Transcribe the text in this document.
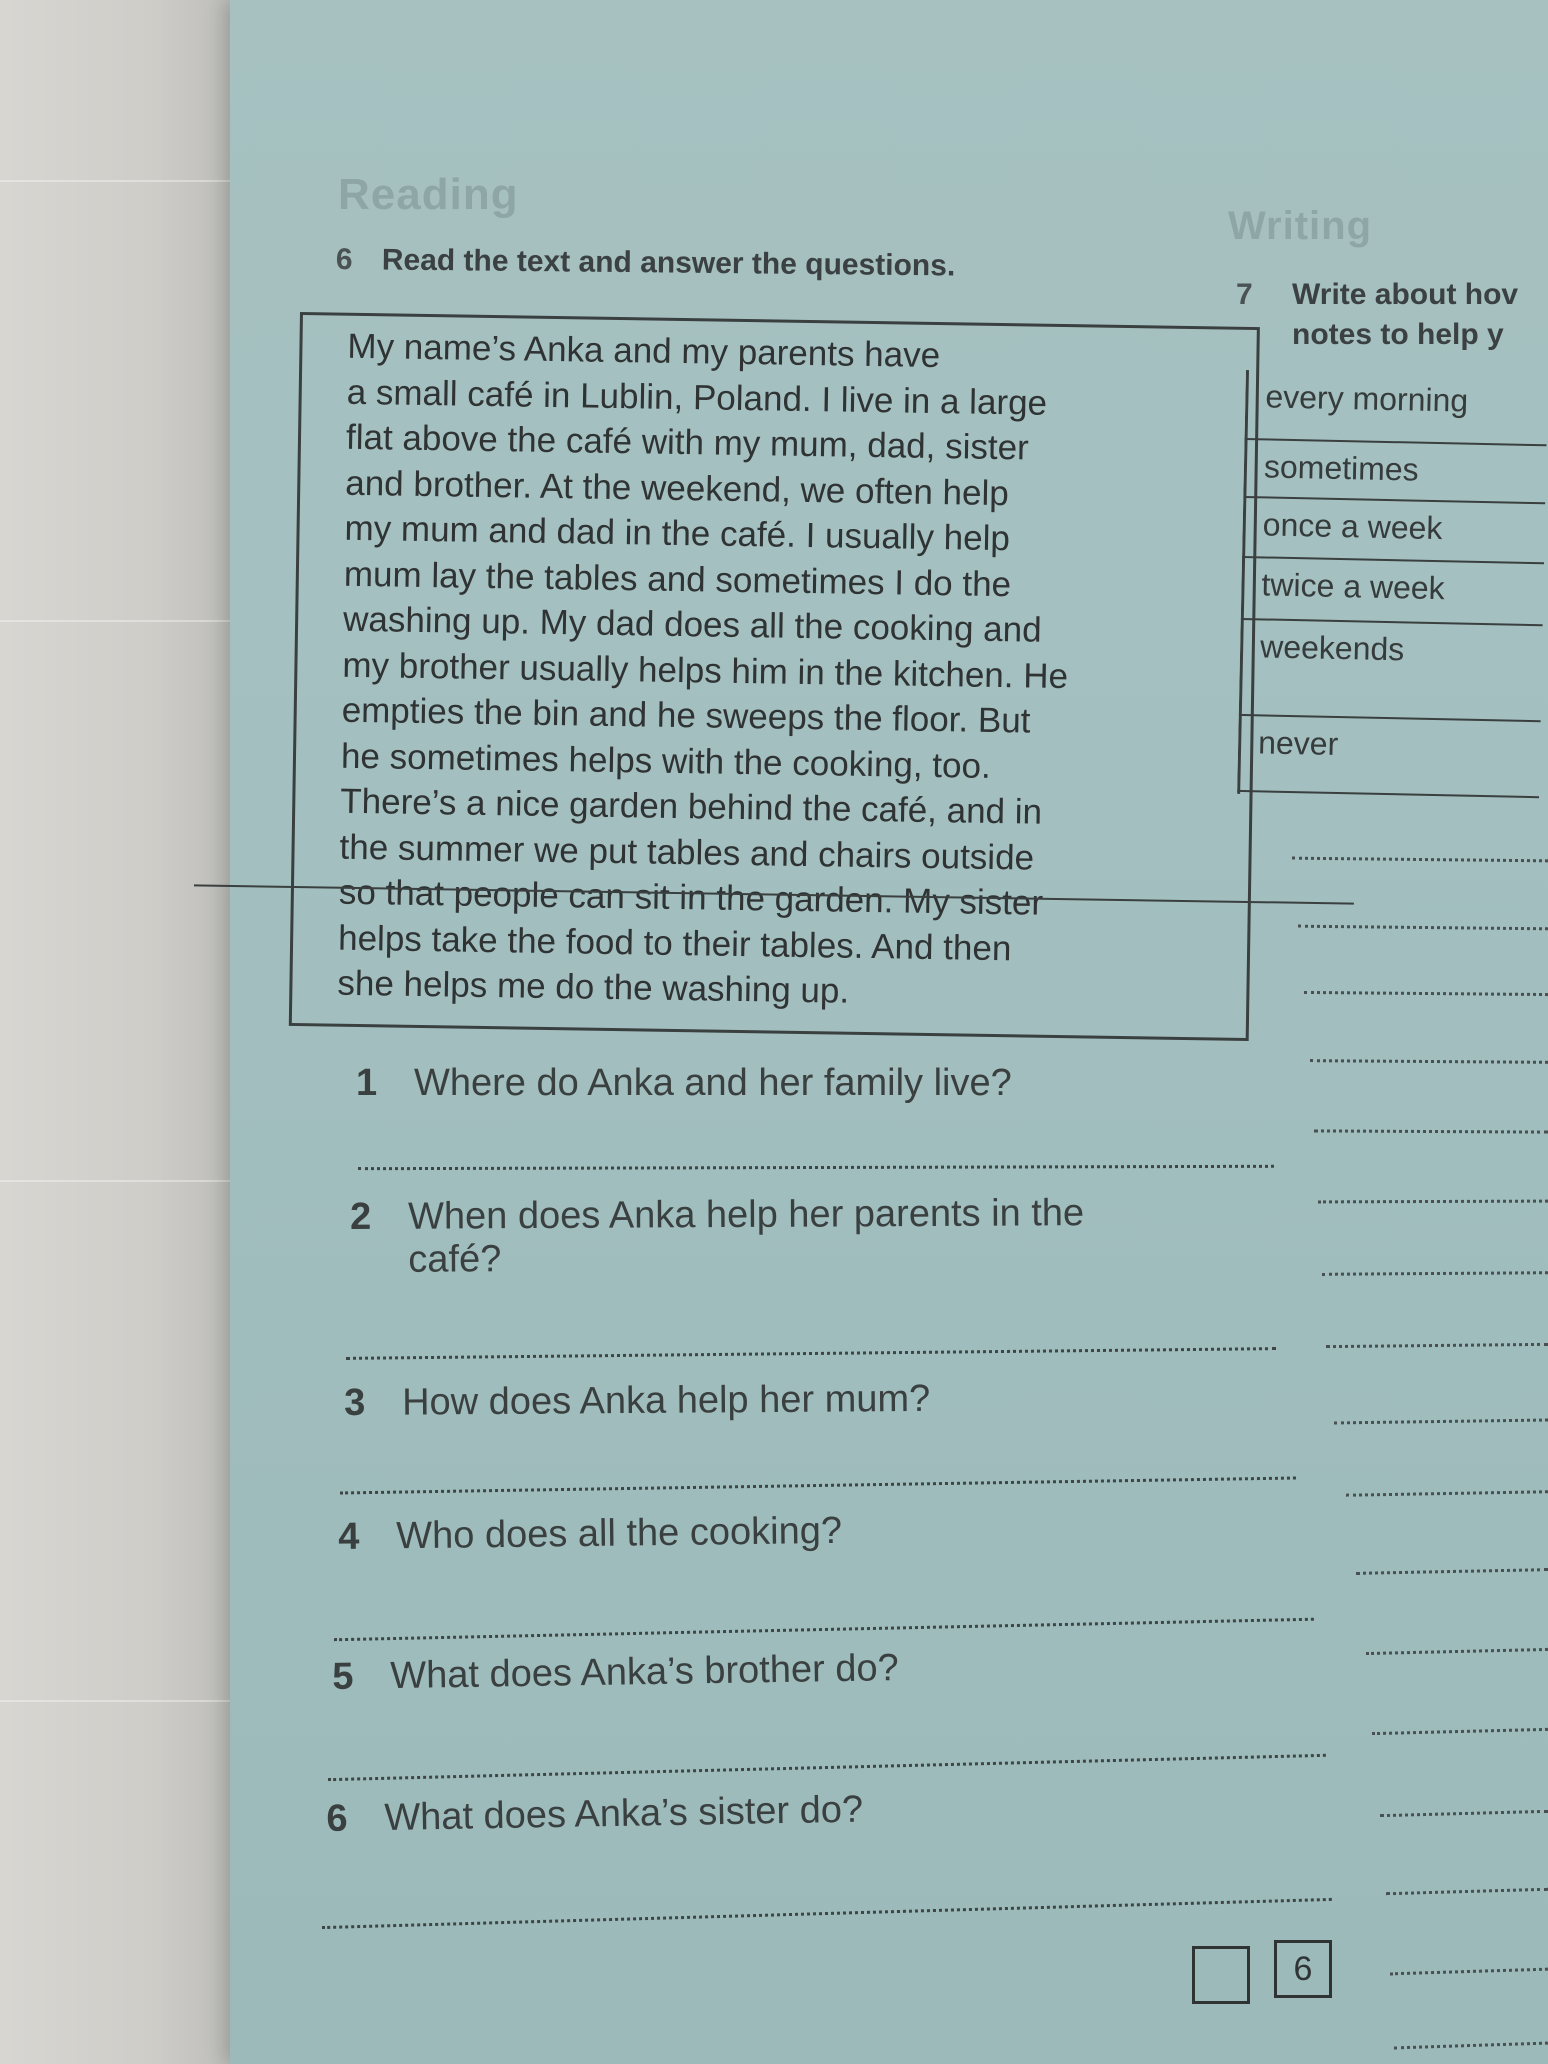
Reading
6 Read the text and answer the questions.
My name’s Anka and my parents have
a small café in Lublin, Poland. I live in a large
flat above the café with my mum, dad, sister
and brother. At the weekend, we often help
my mum and dad in the café. I usually help
mum lay the tables and sometimes I do the
washing up. My dad does all the cooking and
my brother usually helps him in the kitchen. He
empties the bin and he sweeps the floor. But
he sometimes helps with the cooking, too.
There’s a nice garden behind the café, and in
the summer we put tables and chairs outside
so that people can sit in the garden. My sister
helps take the food to their tables. And then
she helps me do the washing up.
1 Where do Anka and her family live?
2 When does Anka help her parents in the
café?
3 How does Anka help her mum?
4 Who does all the cooking?
5 What does Anka’s brother do?
6 What does Anka’s sister do?
6
Writing
7 Write about hov
notes to help y
every morning
sometimes
once a week
twice a week
weekends
never
